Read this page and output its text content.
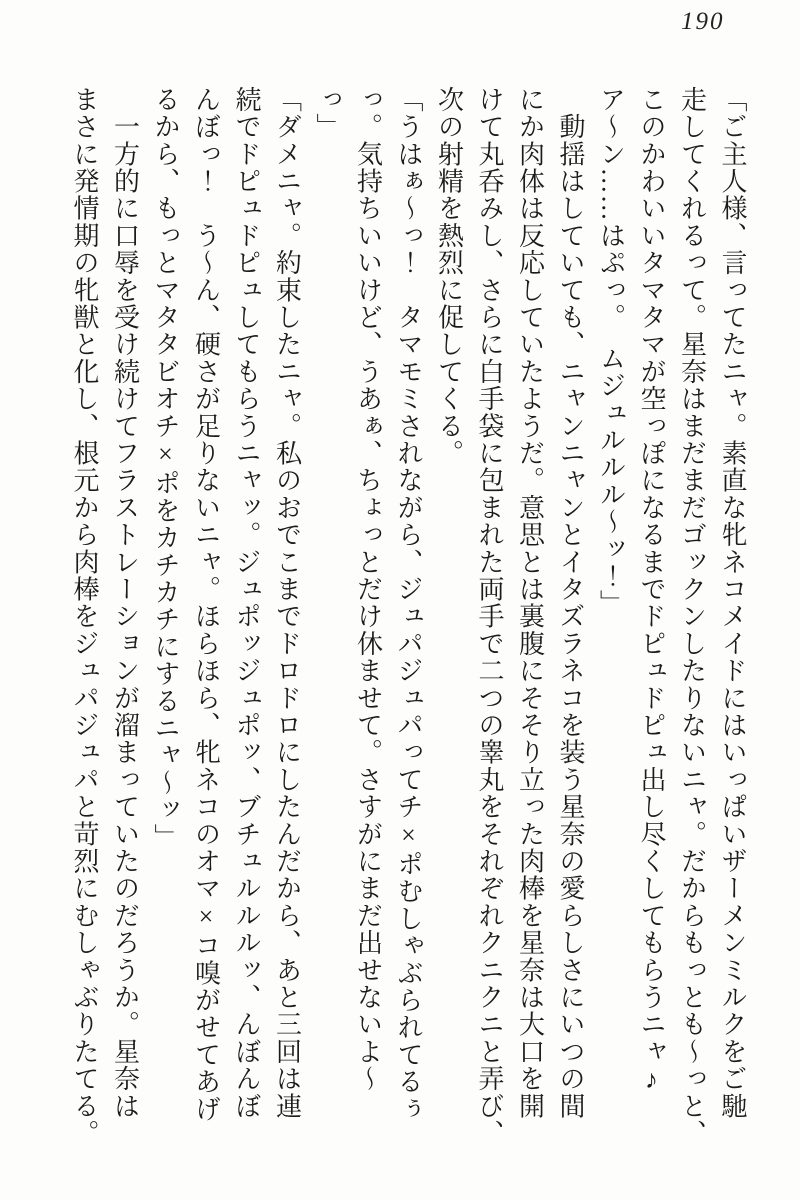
190

「ご主人様、言ってたニャ。素直な牝ネコメイドにはいっぱいザーメンミルクをご馳

走してくれるって。星奈はまだまだゴックンしたりないニャ。だからもっとも〜っと、

このかわいいタマタマが空っぽになるまでドピュドピュ出し尽くしてもらうニャ♪

ア〜ン……はぷっ。　ムジュルルル〜ッ！」

　動揺はしていても、ニャンニャンとイタズラネコを装う星奈の愛らしさにいつの間

にか肉体は反応していたようだ。意思とは裏腹にそそり立った肉棒を星奈は大口を開

けて丸呑みし、さらに白手袋に包まれた両手で二つの睾丸をそれぞれクニクニと弄び、

次の射精を熱烈に促してくる。

「うはぁ〜っ！　タマモミされながら、ジュパジュパってチ×ポむしゃぶられてるぅ

っ。気持ちいいけど、うあぁ、ちょっとだけ休ませて。さすがにまだ出せないよ〜

っ」

「ダメニャ。約束したニャ。私のおでこまでドロドロにしたんだから、あと三回は連

続でドピュドピュしてもらうニャッ。ジュポッジュポッ、ブチュルルルッ、んぼんぼ

んぼっ！　う〜ん、硬さが足りないニャ。ほらほら、牝ネコのオマ×コ嗅がせてあげ

るから、もっとマタタビオチ×ポをカチカチにするニャ〜ッ」

　一方的に口辱を受け続けてフラストレーションが溜まっていたのだろうか。星奈は

まさに発情期の牝獣と化し、根元から肉棒をジュパジュパと苛烈にむしゃぶりたてる。
